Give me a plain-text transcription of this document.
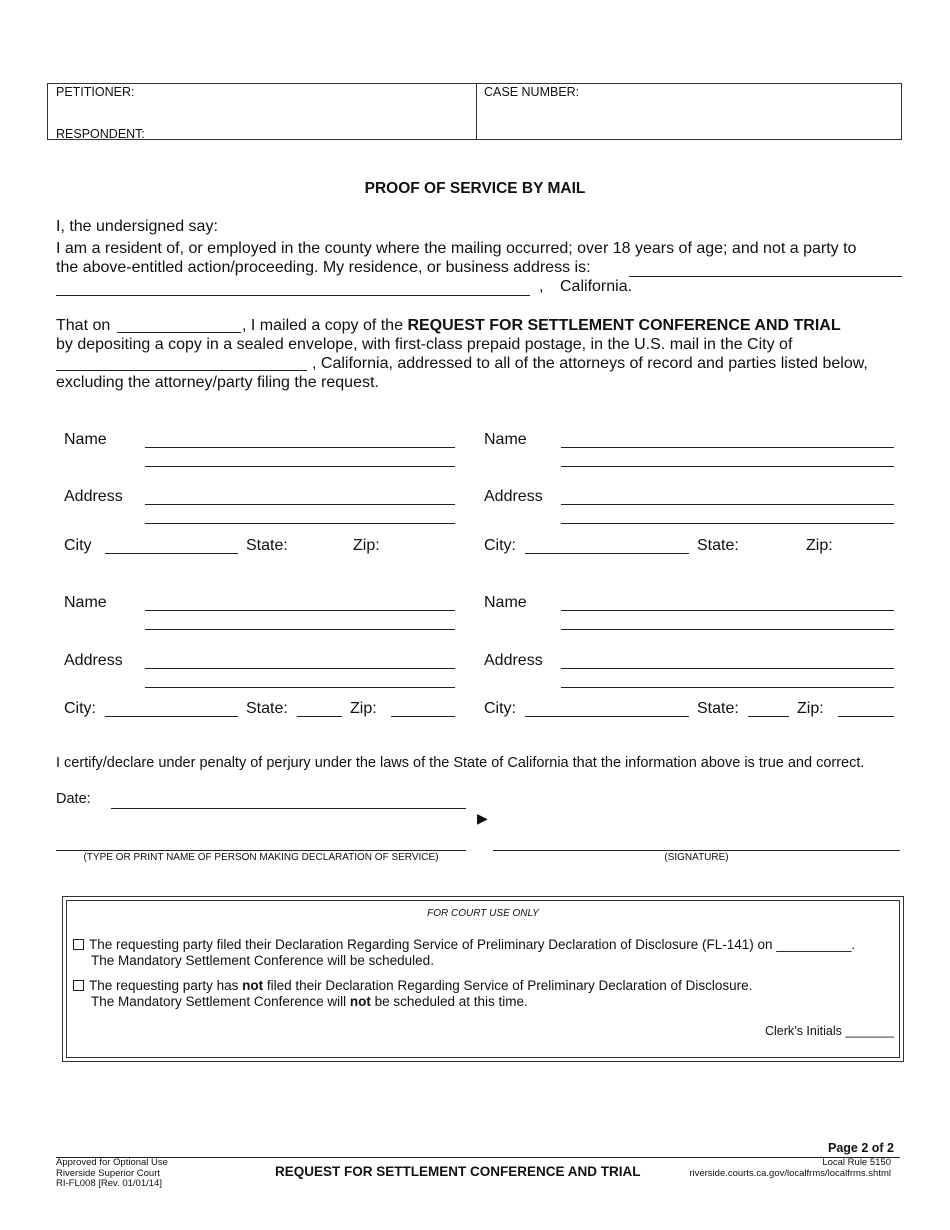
PETITIONER:
RESPONDENT:
CASE NUMBER:
PROOF OF SERVICE BY MAIL
I, the undersigned say:
I am a resident of, or employed in the county where the mailing occurred; over 18 years of age; and not a party to
the above-entitled action/proceeding. My residence, or business address is:
, California.
That on	, I mailed a copy of the REQUEST FOR SETTLEMENT CONFERENCE AND TRIAL
by depositing a copy in a sealed envelope, with first-class prepaid postage, in the U.S. mail in the City of
, California, addressed to all of the attorneys of record and parties listed below,
excluding the attorney/party filing the request.
Name
Address
City	State:	Zip:
Name
Address
City:	State:	Zip:
Name
Address
City:	State:	Zip:
Name
Address
City:	State:	Zip:
I certify/declare under penalty of perjury under the laws of the State of California that the information above is true and correct.
Date:
▶
(TYPE OR PRINT NAME OF PERSON MAKING DECLARATION OF SERVICE)	(SIGNATURE)
FOR COURT USE ONLY
The requesting party filed their Declaration Regarding Service of Preliminary Declaration of Disclosure (FL-141) on __________.
The Mandatory Settlement Conference will be scheduled.
The requesting party has not filed their Declaration Regarding Service of Preliminary Declaration of Disclosure.
The Mandatory Settlement Conference will not be scheduled at this time.
Clerk’s Initials _______
Page 2 of 2
Approved for Optional Use
Riverside Superior Court
RI-FL008 [Rev. 01/01/14]
REQUEST FOR SETTLEMENT CONFERENCE AND TRIAL
Local Rule 5150
riverside.courts.ca.gov/localfrms/localfrms.shtml
